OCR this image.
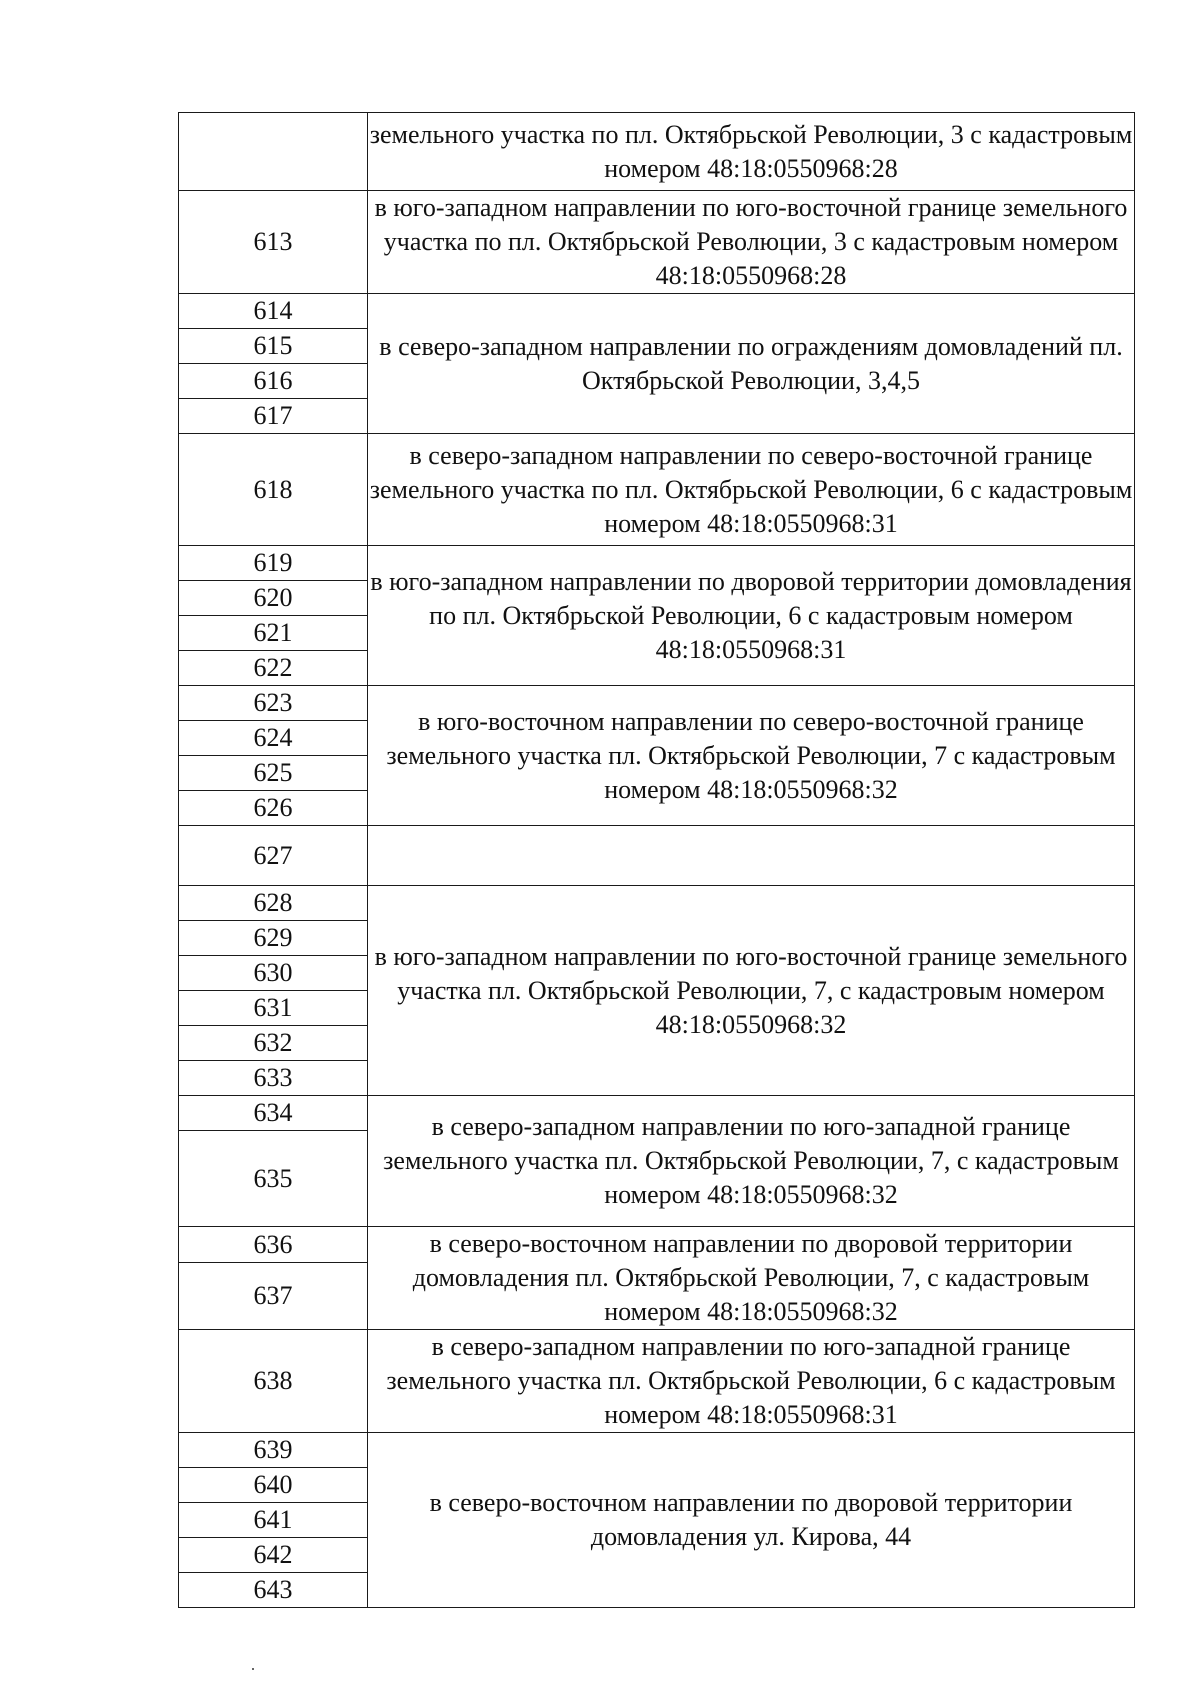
	земельного участка по пл. Октябрьской Революции, 3 с кадастровым номером 48:18:0550968:28

613	в юго-западном направлении по юго-восточной границе земельного участка по пл. Октябрьской Революции, 3 с кадастровым номером 48:18:0550968:28

614	в северо-западном направлении по ограждениям домовладений пл. Октябрьской Революции, 3,4,5

615	
616	
617	
618	в северо-западном направлении по северо-восточной границе земельного участка по пл. Октябрьской Революции, 6 с кадастровым номером 48:18:0550968:31

619	в юго-западном направлении по дворовой территории домовладения по пл. Октябрьской Революции, 6 с кадастровым номером 48:18:0550968:31

620	
621	
622	
623	в юго-восточном направлении по северо-восточной границе земельного участка пл. Октябрьской Революции, 7 с кадастровым номером 48:18:0550968:32

624	
625	
626	
627	

628	в юго-западном направлении по юго-восточной границе земельного участка пл. Октябрьской Революции, 7, с кадастровым номером 48:18:0550968:32

629	
630	
631	
632	
633	
634	в северо-западном направлении по юго-западной границе земельного участка пл. Октябрьской Революции, 7, с кадастровым номером 48:18:0550968:32

635	
636	в северо-восточном направлении по дворовой территории домовладения пл. Октябрьской Революции, 7, с кадастровым номером 48:18:0550968:32

637	
638	в северо-западном направлении по юго-западной границе земельного участка пл. Октябрьской Революции, 6 с кадастровым номером 48:18:0550968:31

639	в северо-восточном направлении по дворовой территории домовладения ул. Кирова, 44

640	
641	
642	
643	
